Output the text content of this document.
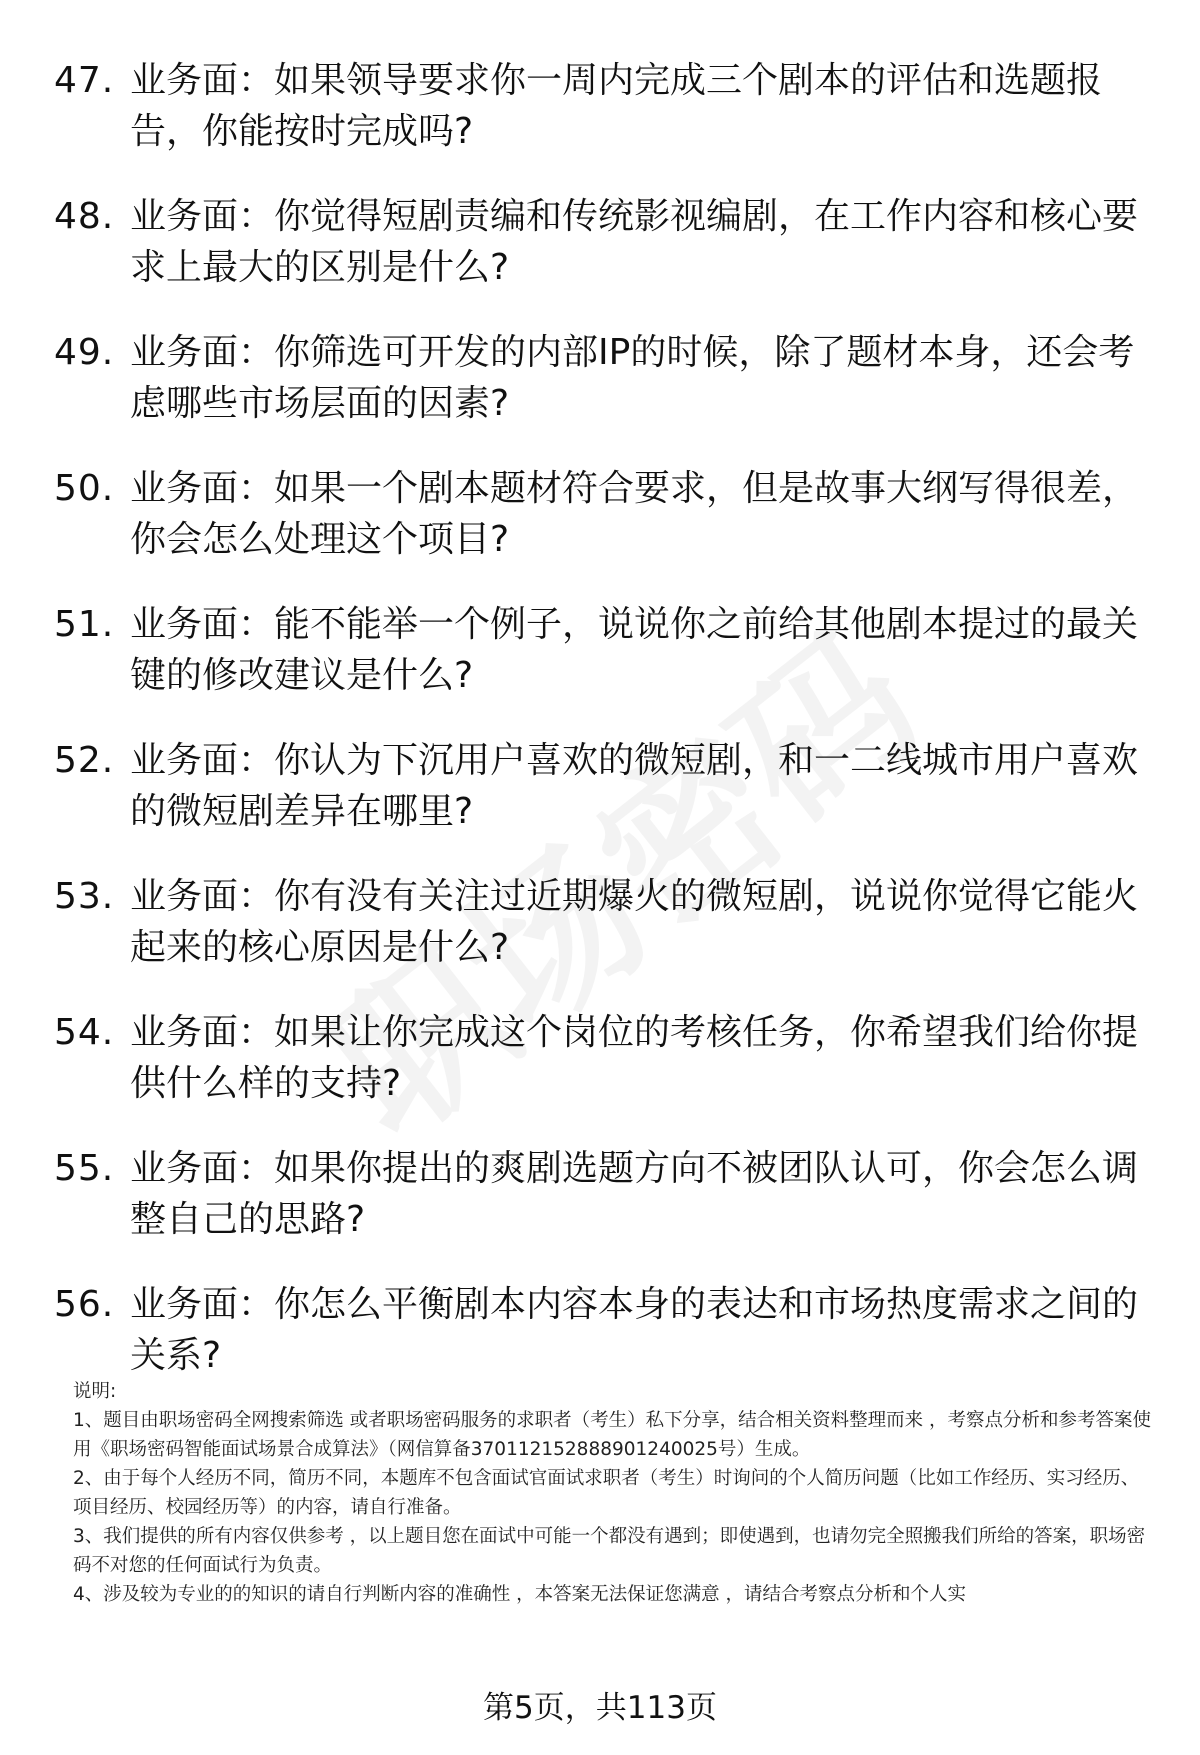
47. 业务面：如果领导要求你一周内完成三个剧本的评估和选题报告，你能按时完成吗?
48. 业务面：你觉得短剧责编和传统影视编剧，在工作内容和核心要求上最大的区别是什么?
49. 业务面：你筛选可开发的内部IP的时候，除了题材本身，还会考虑哪些市场层面的因素?
50. 业务面：如果一个剧本题材符合要求，但是故事大纲写得很差，你会怎么处理这个项目?
51. 业务面：能不能举一个例子，说说你之前给其他剧本提过的最关键的修改建议是什么?
52. 业务面：你认为下沉用户喜欢的微短剧，和一二线城市用户喜欢的微短剧差异在哪里?
53. 业务面：你有没有关注过近期爆火的微短剧，说说你觉得它能火起来的核心原因是什么?
54. 业务面：如果让你完成这个岗位的考核任务，你希望我们给你提供什么样的支持?
55. 业务面：如果你提出的爽剧选题方向不被团队认可，你会怎么调整自己的思路?
56. 业务面：你怎么平衡剧本内容本身的表达和市场热度需求之间的关系?

说明:

1、题目由职场密码全网搜索筛选 或者职场密码服务的求职者（考生）私下分享，结合相关资料整理而来 ，考察点分析和参考答案使用《职场密码智能面试场景合成算法》（网信算备370112152888901240025号）生成。

2、由于每个人经历不同，简历不同，本题库不包含面试官面试求职者（考生）时询问的个人简历问题（比如工作经历、实习经历、项目经历、校园经历等）的内容，请自行准备。

3、我们提供的所有内容仅供参考 ，以上题目您在面试中可能一个都没有遇到；即使遇到，也请勿完全照搬我们所给的答案，职场密码不对您的任何面试行为负责。

4、涉及较为专业的的知识的请自行判断内容的准确性 ，本答案无法保证您满意 ，请结合考察点分析和个人实

第5页，共113页
